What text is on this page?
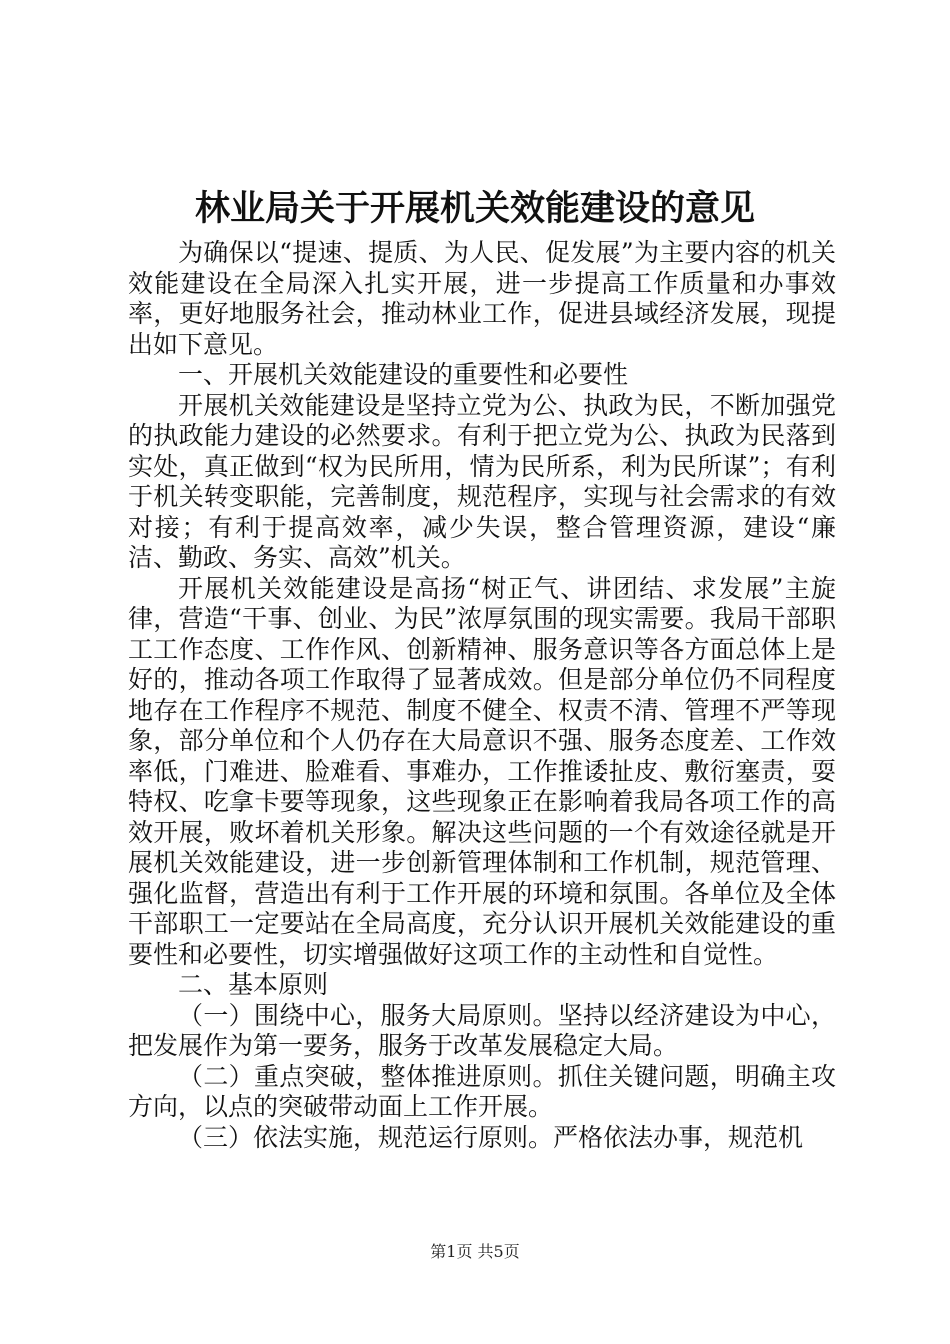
林业局关于开展机关效能建设的意见

为确保以“提速、提质、为人民、促发展”为主要内容的机关效能建设在全局深入扎实开展，进一步提高工作质量和办事效率，更好地服务社会，推动林业工作，促进县域经济发展，现提出如下意见。

一、开展机关效能建设的重要性和必要性

开展机关效能建设是坚持立党为公、执政为民，不断加强党的执政能力建设的必然要求。有利于把立党为公、执政为民落到实处，真正做到“权为民所用，情为民所系，利为民所谋”；有利于机关转变职能，完善制度，规范程序，实现与社会需求的有效对接；有利于提高效率，减少失误，整合管理资源，建设“廉洁、勤政、务实、高效”机关。

开展机关效能建设是高扬“树正气、讲团结、求发展”主旋律，营造“干事、创业、为民”浓厚氛围的现实需要。我局干部职工工作态度、工作作风、创新精神、服务意识等各方面总体上是好的，推动各项工作取得了显著成效。但是部分单位仍不同程度地存在工作程序不规范、制度不健全、权责不清、管理不严等现象，部分单位和个人仍存在大局意识不强、服务态度差、工作效率低，门难进、脸难看、事难办，工作推诿扯皮、敷衍塞责，耍特权、吃拿卡要等现象，这些现象正在影响着我局各项工作的高效开展，败坏着机关形象。解决这些问题的一个有效途径就是开展机关效能建设，进一步创新管理体制和工作机制，规范管理、强化监督，营造出有利于工作开展的环境和氛围。各单位及全体干部职工一定要站在全局高度，充分认识开展机关效能建设的重要性和必要性，切实增强做好这项工作的主动性和自觉性。

二、基本原则

（一）围绕中心，服务大局原则。坚持以经济建设为中心，把发展作为第一要务，服务于改革发展稳定大局。

（二）重点突破，整体推进原则。抓住关键问题，明确主攻方向，以点的突破带动面上工作开展。

（三）依法实施，规范运行原则。严格依法办事，规范机

第1页 共5页
